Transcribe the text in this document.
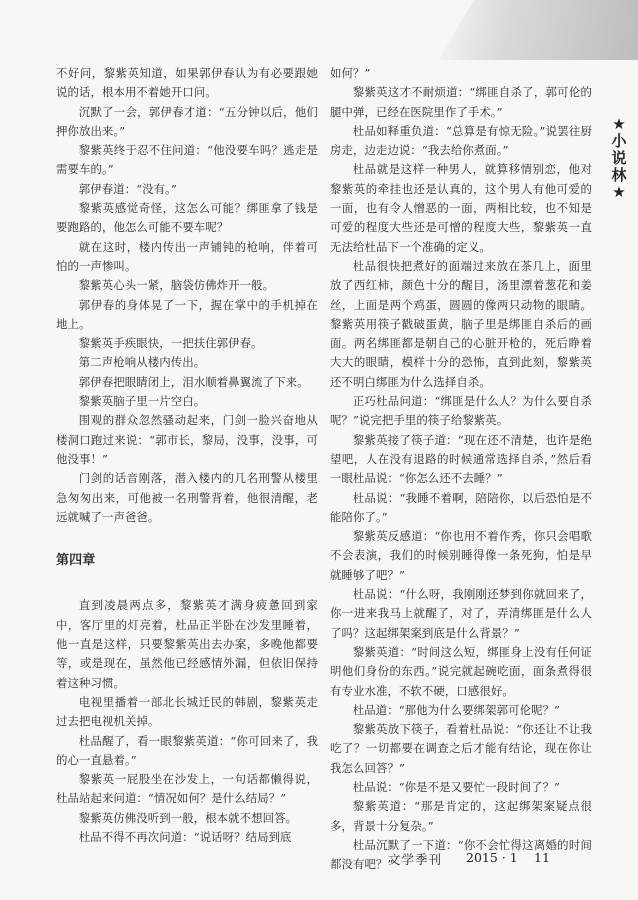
★
小
说
林
★

不好问，黎紫英知道，如果郭伊春认为有必要跟她说的话，根本用不着她开口问。

沉默了一会，郭伊春才道：“五分钟以后，他们押你放出来。”

黎紫英终于忍不住问道：“他没要车吗？逃走是需要车的。”

郭伊春道：“没有。”

黎紫英感觉奇怪，这怎么可能？绑匪拿了钱是要跑路的，他怎么可能不要车呢？

就在这时，楼内传出一声铺钝的枪响，伴着可怕的一声惨叫。

黎紫英心头一紧，脑袋仿佛炸开一般。

郭伊春的身体晃了一下，握在掌中的手机掉在地上。

黎紫英手疾眼快，一把扶住郭伊春。

第二声枪响从楼内传出。

郭伊春把眼睛闭上，泪水顺着鼻翼流了下来。

黎紫英脑子里一片空白。

围观的群众忽然骚动起来，门剑一脸兴奋地从楼洞口跑过来说：“郭市长，黎局，没事，没事，可他没事！”

门剑的话音刚落，潜入楼内的几名刑警从楼里急匆匆出来，可他被一名刑警背着，他很清醒，老远就喊了一声爸爸。

第四章

直到凌晨两点多，黎紫英才满身疲惫回到家中，客厅里的灯亮着，杜品正半卧在沙发里睡着，他一直是这样，只要黎紫英出去办案，多晚他都要等，或是现在，虽然他已经感情外漏，但依旧保持着这种习惯。

电视里播着一部北长城迁民的韩剧，黎紫英走过去把电视机关掉。

杜品醒了，看一眼黎紫英道：“你可回来了，我的心一直悬着。”

黎紫英一屁股坐在沙发上，一句话都懒得说，杜品站起来问道：“情况如何？是什么结局？”

黎紫英仿佛没听到一般，根本就不想回答。

杜品不得不再次问道：“说话呀？结局到底

如何？”

黎紫英这才不耐烦道：“绑匪自杀了，郭可伦的腿中弹，已经在医院里作了手术。”

杜品如释重负道：“总算是有惊无险。”说罢往厨房走，边走边说：“我去给你煮面。”

杜品就是这样一种男人，就算移情别恋，他对黎紫英的牵挂也还是认真的，这个男人有他可爱的一面，也有令人憎恶的一面，两相比较，也不知是可爱的程度大些还是可憎的程度大些，黎紫英一直无法给杜品下一个准确的定义。

杜品很快把煮好的面端过来放在茶几上，面里放了西红柿，颜色十分的醒目，汤里漂着葱花和姜丝，上面是两个鸡蛋，圆圆的像两只动物的眼睛。黎紫英用筷子戳破蛋黄，脑子里是绑匪自杀后的画面。两名绑匪都是朝自己的心脏开枪的，死后睁着大大的眼睛，模样十分的恐怖，直到此刻，黎紫英还不明白绑匪为什么选择自杀。

正巧杜品问道：“绑匪是什么人？为什么要自杀呢？”说完把手里的筷子给黎紫英。

黎紫英接了筷子道：“现在还不清楚，也许是绝望吧，人在没有退路的时候通常选择自杀，”然后看一眼杜品说：“你怎么还不去睡？”

杜品说：“我睡不着啊，陪陪你，以后恐怕是不能陪你了。”

黎紫英反感道：“你也用不着作秀，你只会唱歌不会表演，我们的时候别睡得像一条死狗，怕是早就睡够了吧？”

杜品说：“什么呀，我刚刚还梦到你就回来了，你一进来我马上就醒了，对了，弄清绑匪是什么人了吗？这起绑架案到底是什么背景？”

黎紫英道：“时间这么短，绑匪身上没有任何证明他们身份的东西。”说完就起碗吃面，面条煮得很有专业水准，不软不硬，口感很好。

杜品道：“那他为什么要绑架郭可伦呢？”

黎紫英放下筷子，看着杜品说：“你还让不让我吃了？一切都要在调查之后才能有结论，现在你让我怎么回答？”

杜品说：“你是不是又要忙一段时间了？”

黎紫英道：“那是肯定的，这起绑架案疑点很多，背景十分复杂。”

杜品沉默了一下道：“你不会忙得这离婚的时间都没有吧？”

文学季刊 2015 · 1 11
